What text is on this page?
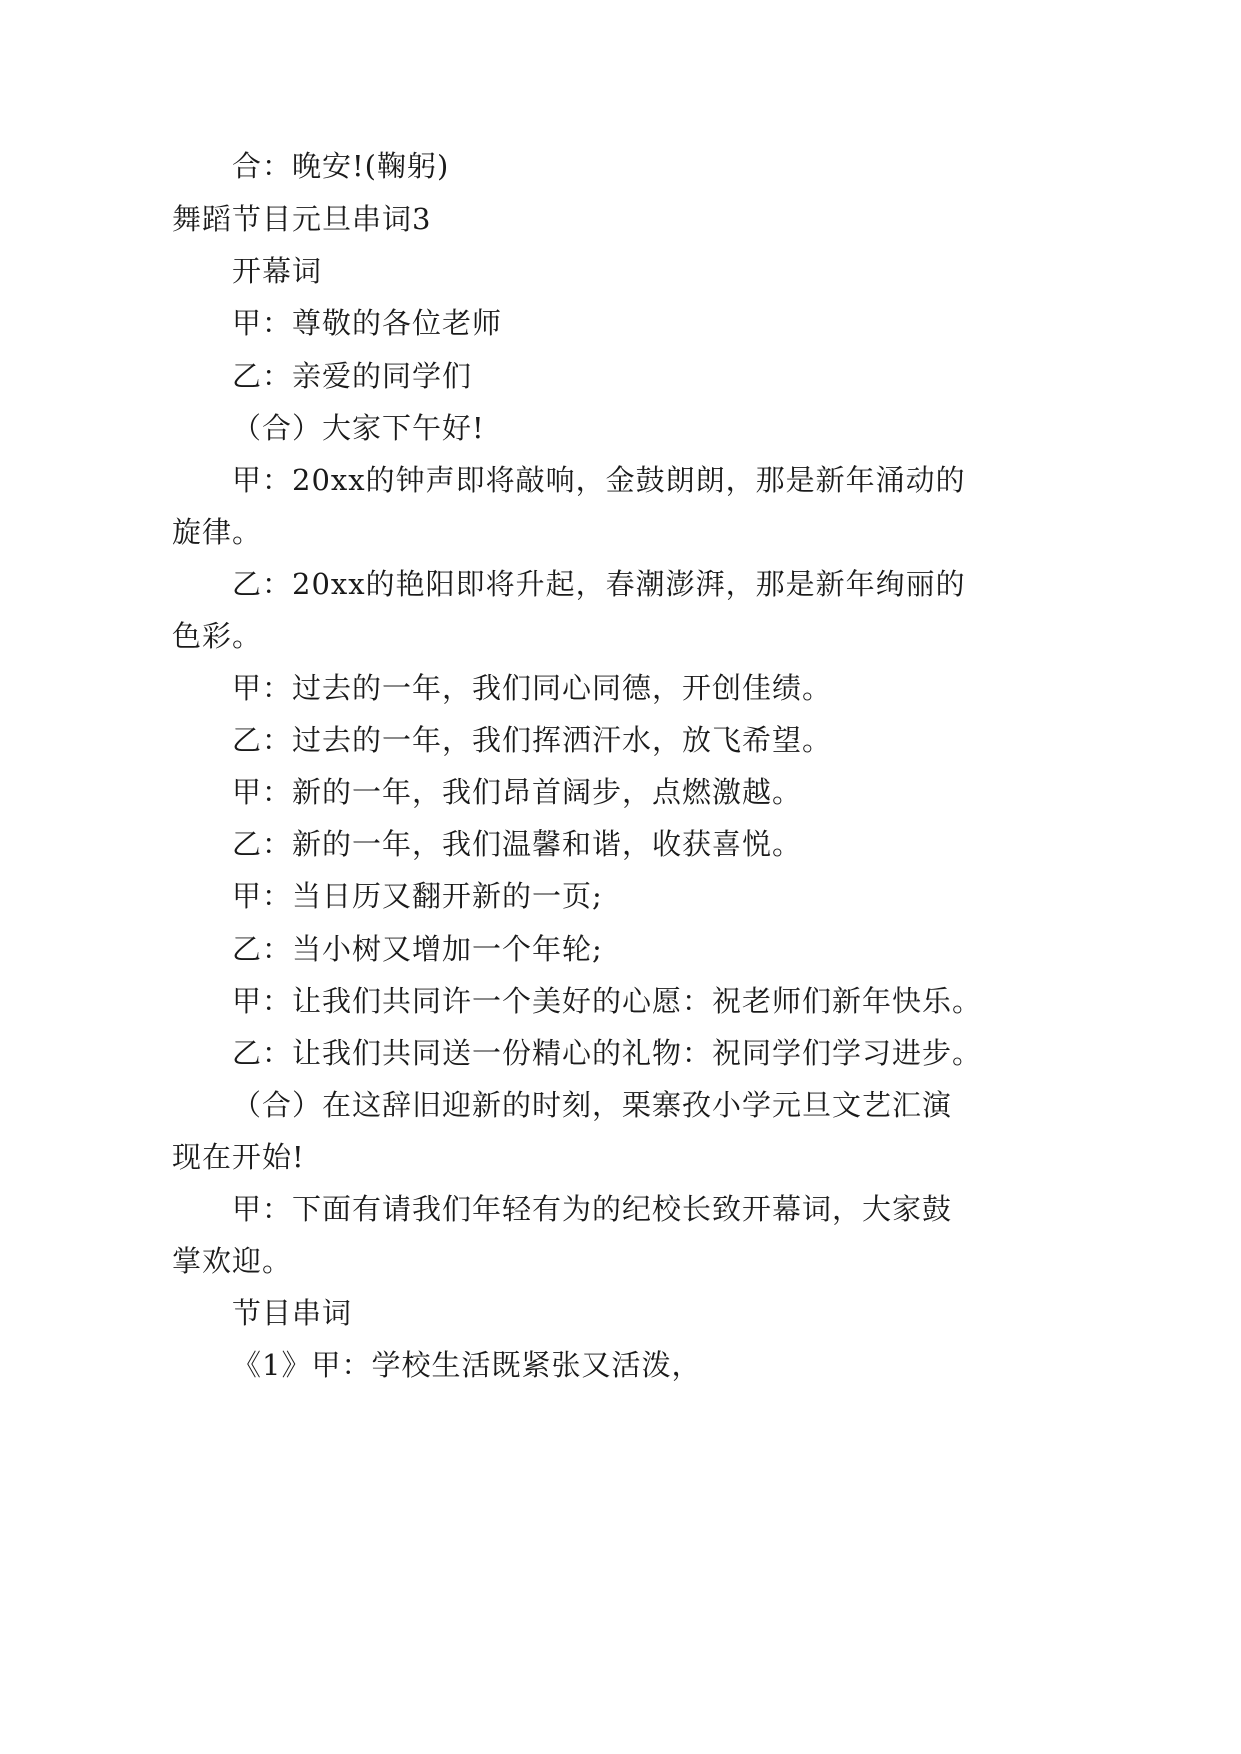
合：晚安!(鞠躬)
舞蹈节目元旦串词3
开幕词
甲：尊敬的各位老师
乙：亲爱的同学们
（合）大家下午好!
甲：20xx的钟声即将敲响，金鼓朗朗，那是新年涌动的
旋律。
乙：20xx的艳阳即将升起，春潮澎湃，那是新年绚丽的
色彩。
甲：过去的一年，我们同心同德，开创佳绩。
乙：过去的一年，我们挥洒汗水，放飞希望。
甲：新的一年，我们昂首阔步，点燃激越。
乙：新的一年，我们温馨和谐，收获喜悦。
甲：当日历又翻开新的一页;
乙：当小树又增加一个年轮;
甲：让我们共同许一个美好的心愿：祝老师们新年快乐。
乙：让我们共同送一份精心的礼物：祝同学们学习进步。
（合）在这辞旧迎新的时刻，栗寨孜小学元旦文艺汇演
现在开始!
甲：下面有请我们年轻有为的纪校长致开幕词，大家鼓
掌欢迎。
节目串词
《1》甲：学校生活既紧张又活泼，
